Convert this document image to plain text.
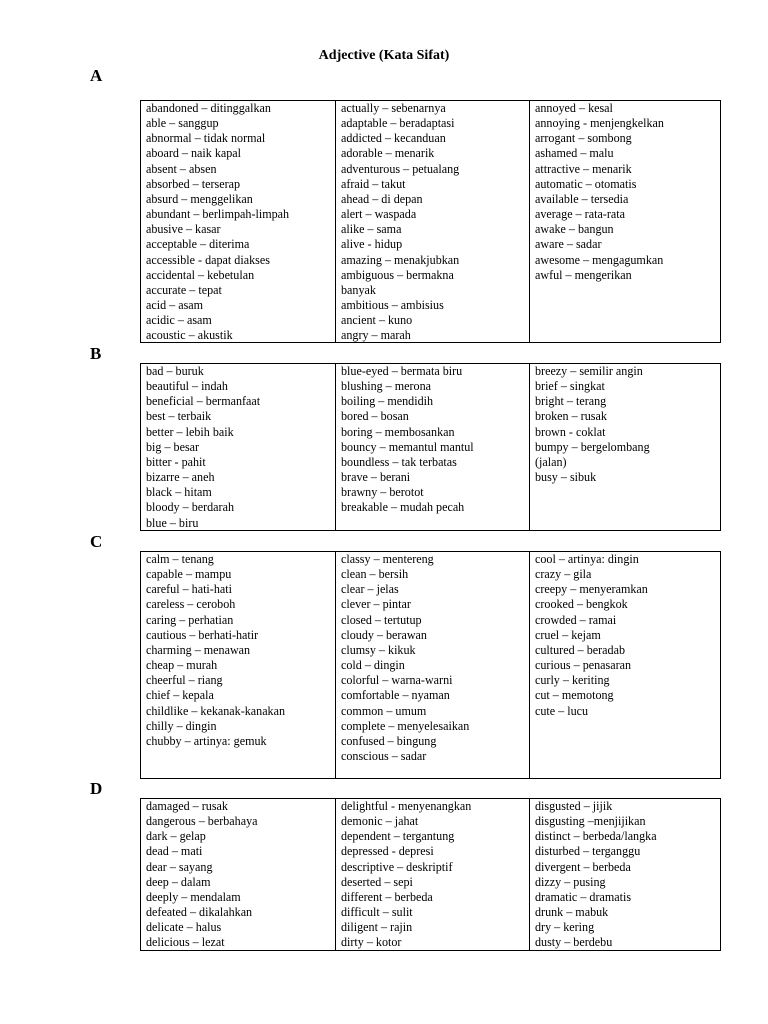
Adjective (Kata Sifat)
A
abandoned – ditinggalkan
able – sanggup
abnormal – tidak normal
aboard – naik kapal
absent – absen
absorbed – terserap
absurd – menggelikan
abundant – berlimpah-limpah
abusive – kasar
acceptable – diterima
accessible - dapat diakses
accidental – kebetulan
accurate – tepat
acid – asam
acidic – asam
acoustic – akustik
actually – sebenarnya
adaptable – beradaptasi
addicted – kecanduan
adorable – menarik
adventurous – petualang
afraid – takut
ahead – di depan
alert – waspada
alike – sama
alive - hidup
amazing – menakjubkan
ambiguous – bermakna
banyak
ambitious – ambisius
ancient – kuno
angry – marah
annoyed – kesal
annoying - menjengkelkan
arrogant – sombong
ashamed – malu
attractive – menarik
automatic – otomatis
available – tersedia
average – rata-rata
awake – bangun
aware – sadar
awesome – mengagumkan
awful – mengerikan
B
bad – buruk
beautiful – indah
beneficial – bermanfaat
best – terbaik
better – lebih baik
big – besar
bitter - pahit
bizarre – aneh
black – hitam
bloody – berdarah
blue – biru
blue-eyed – bermata biru
blushing – merona
boiling – mendidih
bored – bosan
boring – membosankan
bouncy – memantul mantul
boundless – tak terbatas
brave – berani
brawny – berotot
breakable – mudah pecah
breezy – semilir angin
brief – singkat
bright – terang
broken – rusak
brown - coklat
bumpy – bergelombang
(jalan)
busy – sibuk
C
calm – tenang
capable – mampu
careful – hati-hati
careless – ceroboh
caring – perhatian
cautious – berhati-hatir
charming – menawan
cheap – murah
cheerful – riang
chief – kepala
childlike – kekanak-kanakan
chilly – dingin
chubby – artinya: gemuk
classy – mentereng
clean – bersih
clear – jelas
clever – pintar
closed – tertutup
cloudy – berawan
clumsy – kikuk
cold – dingin
colorful – warna-warni
comfortable – nyaman
common – umum
complete – menyelesaikan
confused – bingung
conscious – sadar
cool – artinya: dingin
crazy – gila
creepy – menyeramkan
crooked – bengkok
crowded – ramai
cruel – kejam
cultured – beradab
curious – penasaran
curly – keriting
cut – memotong
cute – lucu
D
damaged – rusak
dangerous – berbahaya
dark – gelap
dead – mati
dear – sayang
deep – dalam
deeply – mendalam
defeated – dikalahkan
delicate – halus
delicious – lezat
delightful - menyenangkan
demonic – jahat
dependent – tergantung
depressed - depresi
descriptive – deskriptif
deserted – sepi
different – berbeda
difficult – sulit
diligent – rajin
dirty – kotor
disgusted – jijik
disgusting –menjijikan
distinct – berbeda/langka
disturbed – terganggu
divergent – berbeda
dizzy – pusing
dramatic – dramatis
drunk – mabuk
dry – kering
dusty – berdebu
